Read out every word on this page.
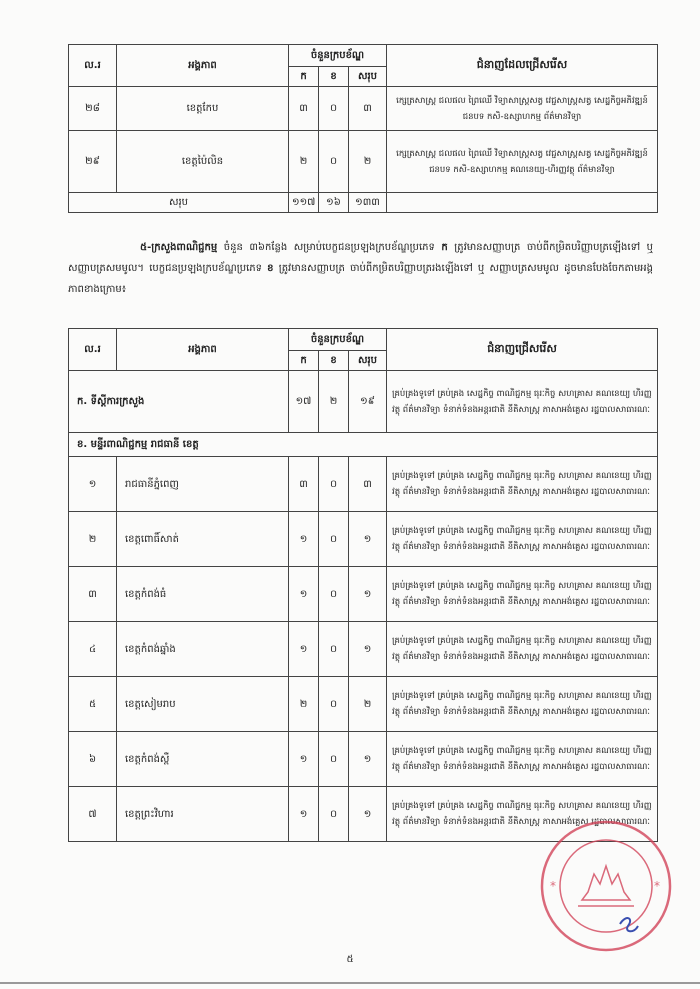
ល.រ	អង្គភាព	ចំនួនក្របខ័ណ្ឌ			ជំនាញដែលជ្រើសរើស
		ក	ខ	សរុប	
២៨	ខេត្តកែប	៣	០	៣	ក្សេត្រសាស្ត្រ ជលផល ព្រៃឈើ វិទ្យាសាស្ត្រសត្វ វេជ្ជសាស្ត្រសត្វ សេដ្ឋកិច្ចអភិវឌ្ឍន៍ជនបទ កសិ-ឧស្សាហកម្ម ព័ត៌មានវិទ្យា
២៩	ខេត្តប៉ៃលិន	២	០	២	ក្សេត្រសាស្ត្រ ជលផល ព្រៃឈើ វិទ្យាសាស្ត្រសត្វ វេជ្ជសាស្ត្រសត្វ សេដ្ឋកិច្ចអភិវឌ្ឍន៍ជនបទ កសិ-ឧស្សាហកម្ម គណនេយ្យ-ហិរញ្ញវត្ថុ ព័ត៌មានវិទ្យា
សរុប		១១៧	១៦	១៣៣	
៥-ក្រសួងពាណិជ្ជកម្ម ចំនួន ៣៦កន្លែង សម្រាប់បេក្ខជនប្រឡងក្របខ័ណ្ឌប្រភេទ ក ត្រូវមានសញ្ញាបត្រ ចាប់ពីកម្រិតបរិញ្ញាបត្រឡើងទៅ ឬ សញ្ញាបត្រសមមូល។ បេក្ខជនប្រឡងក្របខ័ណ្ឌប្រភេទ ខ ត្រូវមានសញ្ញាបត្រ ចាប់ពីកម្រិតបរិញ្ញាបត្ររងឡើងទៅ ឬ សញ្ញាបត្រសមមូល ដូចមានបែងចែកតាមអង្គភាពខាងក្រោម៖
ល.រ	អង្គភាព	ចំនួនក្របខ័ណ្ឌ			ជំនាញជ្រើសរើស
		ក	ខ	សរុប	
ក. ទីស្តីការក្រសួង		១៧	២	១៩	គ្រប់គ្រងទូទៅ គ្រប់គ្រង សេដ្ឋកិច្ច ពាណិជ្ជកម្ម ធុរៈកិច្ច សហគ្រាស គណនេយ្យ ហិរញ្ញវត្ថុ ព័ត៌មានវិទ្យា ទំនាក់ទំនងអន្តរជាតិ នីតិសាស្ត្រ ភាសាអង់គ្លេស រដ្ឋបាលសាធារណៈ
ខ. មន្ទីរពាណិជ្ជកម្ម រាជធានី ខេត្ត					
១	រាជធានីភ្នំពេញ	៣	០	៣	គ្រប់គ្រងទូទៅ គ្រប់គ្រង សេដ្ឋកិច្ច ពាណិជ្ជកម្ម ធុរៈកិច្ច សហគ្រាស គណនេយ្យ ហិរញ្ញវត្ថុ ព័ត៌មានវិទ្យា ទំនាក់ទំនងអន្តរជាតិ នីតិសាស្ត្រ ភាសាអង់គ្លេស រដ្ឋបាលសាធារណៈ
២	ខេត្តពោធិ៍សាត់	១	០	១	គ្រប់គ្រងទូទៅ គ្រប់គ្រង សេដ្ឋកិច្ច ពាណិជ្ជកម្ម ធុរៈកិច្ច សហគ្រាស គណនេយ្យ ហិរញ្ញវត្ថុ ព័ត៌មានវិទ្យា ទំនាក់ទំនងអន្តរជាតិ នីតិសាស្ត្រ ភាសាអង់គ្លេស រដ្ឋបាលសាធារណៈ
៣	ខេត្តកំពង់ធំ	១	០	១	គ្រប់គ្រងទូទៅ គ្រប់គ្រង សេដ្ឋកិច្ច ពាណិជ្ជកម្ម ធុរៈកិច្ច សហគ្រាស គណនេយ្យ ហិរញ្ញវត្ថុ ព័ត៌មានវិទ្យា ទំនាក់ទំនងអន្តរជាតិ នីតិសាស្ត្រ ភាសាអង់គ្លេស រដ្ឋបាលសាធារណៈ
៤	ខេត្តកំពង់ឆ្នាំង	១	០	១	គ្រប់គ្រងទូទៅ គ្រប់គ្រង សេដ្ឋកិច្ច ពាណិជ្ជកម្ម ធុរៈកិច្ច សហគ្រាស គណនេយ្យ ហិរញ្ញវត្ថុ ព័ត៌មានវិទ្យា ទំនាក់ទំនងអន្តរជាតិ នីតិសាស្ត្រ ភាសាអង់គ្លេស រដ្ឋបាលសាធារណៈ
៥	ខេត្តសៀមរាប	២	០	២	គ្រប់គ្រងទូទៅ គ្រប់គ្រង សេដ្ឋកិច្ច ពាណិជ្ជកម្ម ធុរៈកិច្ច សហគ្រាស គណនេយ្យ ហិរញ្ញវត្ថុ ព័ត៌មានវិទ្យា ទំនាក់ទំនងអន្តរជាតិ នីតិសាស្ត្រ ភាសាអង់គ្លេស រដ្ឋបាលសាធារណៈ
៦	ខេត្តកំពង់ស្ពឺ	១	០	១	គ្រប់គ្រងទូទៅ គ្រប់គ្រង សេដ្ឋកិច្ច ពាណិជ្ជកម្ម ធុរៈកិច្ច សហគ្រាស គណនេយ្យ ហិរញ្ញវត្ថុ ព័ត៌មានវិទ្យា ទំនាក់ទំនងអន្តរជាតិ នីតិសាស្ត្រ ភាសាអង់គ្លេស រដ្ឋបាលសាធារណៈ
៧	ខេត្តព្រះវិហារ	១	០	១	គ្រប់គ្រងទូទៅ គ្រប់គ្រង សេដ្ឋកិច្ច ពាណិជ្ជកម្ម ធុរៈកិច្ច សហគ្រាស គណនេយ្យ ហិរញ្ញវត្ថុ ព័ត៌មានវិទ្យា ទំនាក់ទំនងអន្តរជាតិ នីតិសាស្ត្រ ភាសាអង់គ្លេស រដ្ឋបាលសាធារណៈ
៥
*	*
